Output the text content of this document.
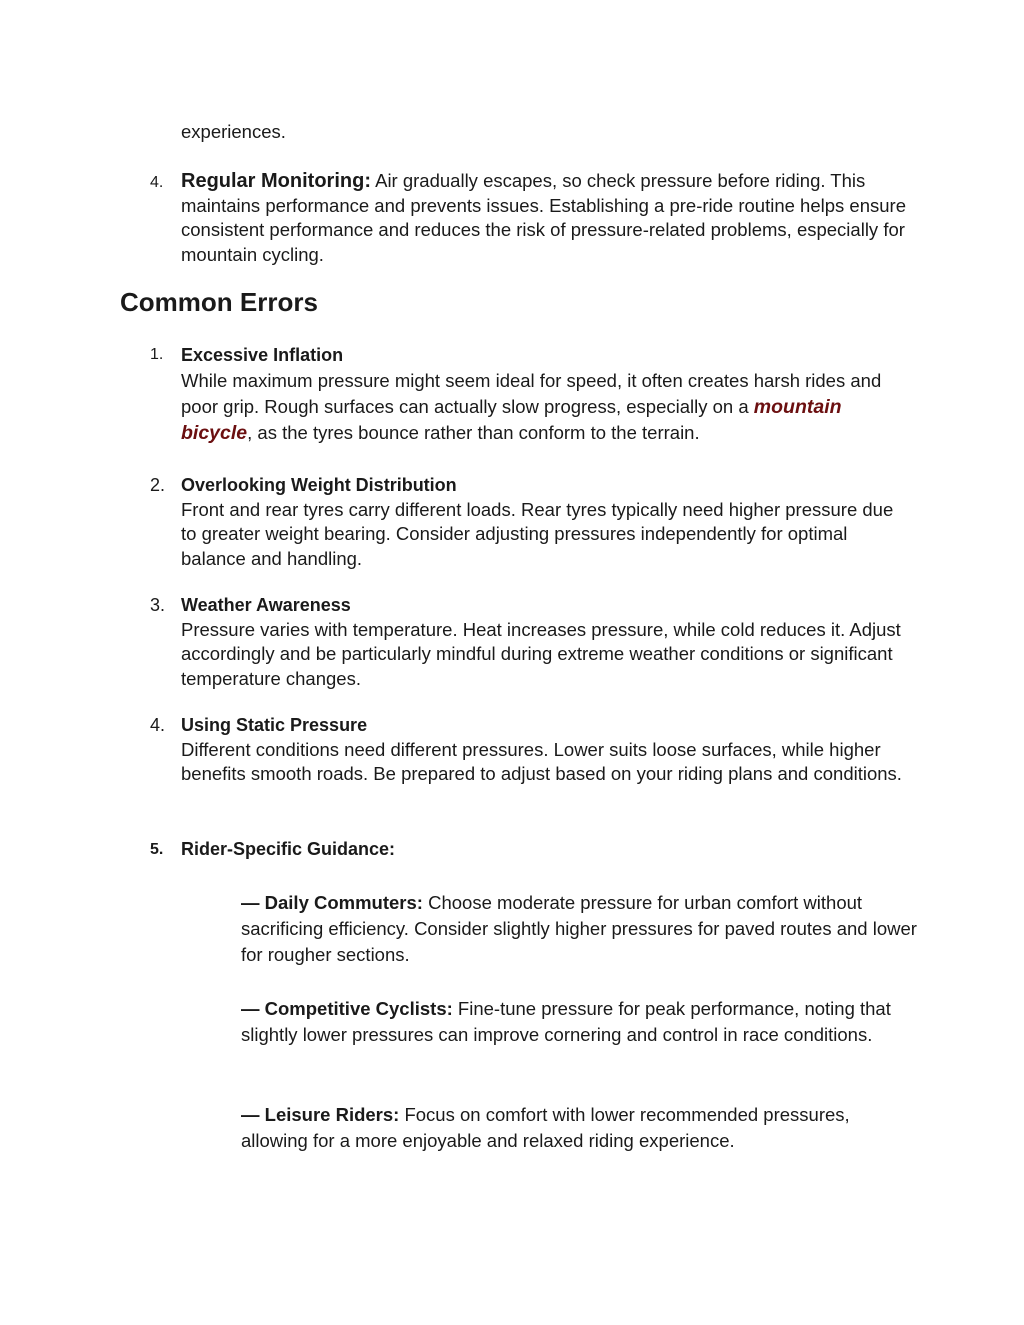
experiences.
4. Regular Monitoring: Air gradually escapes, so check pressure before riding. This maintains performance and prevents issues. Establishing a pre-ride routine helps ensure consistent performance and reduces the risk of pressure-related problems, especially for mountain cycling.
Common Errors
1. Excessive Inflation
While maximum pressure might seem ideal for speed, it often creates harsh rides and poor grip. Rough surfaces can actually slow progress, especially on a mountain bicycle, as the tyres bounce rather than conform to the terrain.
2. Overlooking Weight Distribution
Front and rear tyres carry different loads. Rear tyres typically need higher pressure due to greater weight bearing. Consider adjusting pressures independently for optimal balance and handling.
3. Weather Awareness
Pressure varies with temperature. Heat increases pressure, while cold reduces it. Adjust accordingly and be particularly mindful during extreme weather conditions or significant temperature changes.
4. Using Static Pressure
Different conditions need different pressures. Lower suits loose surfaces, while higher benefits smooth roads. Be prepared to adjust based on your riding plans and conditions.
5. Rider-Specific Guidance:
— Daily Commuters: Choose moderate pressure for urban comfort without sacrificing efficiency. Consider slightly higher pressures for paved routes and lower for rougher sections.
— Competitive Cyclists: Fine-tune pressure for peak performance, noting that slightly lower pressures can improve cornering and control in race conditions.
— Leisure Riders: Focus on comfort with lower recommended pressures, allowing for a more enjoyable and relaxed riding experience.
